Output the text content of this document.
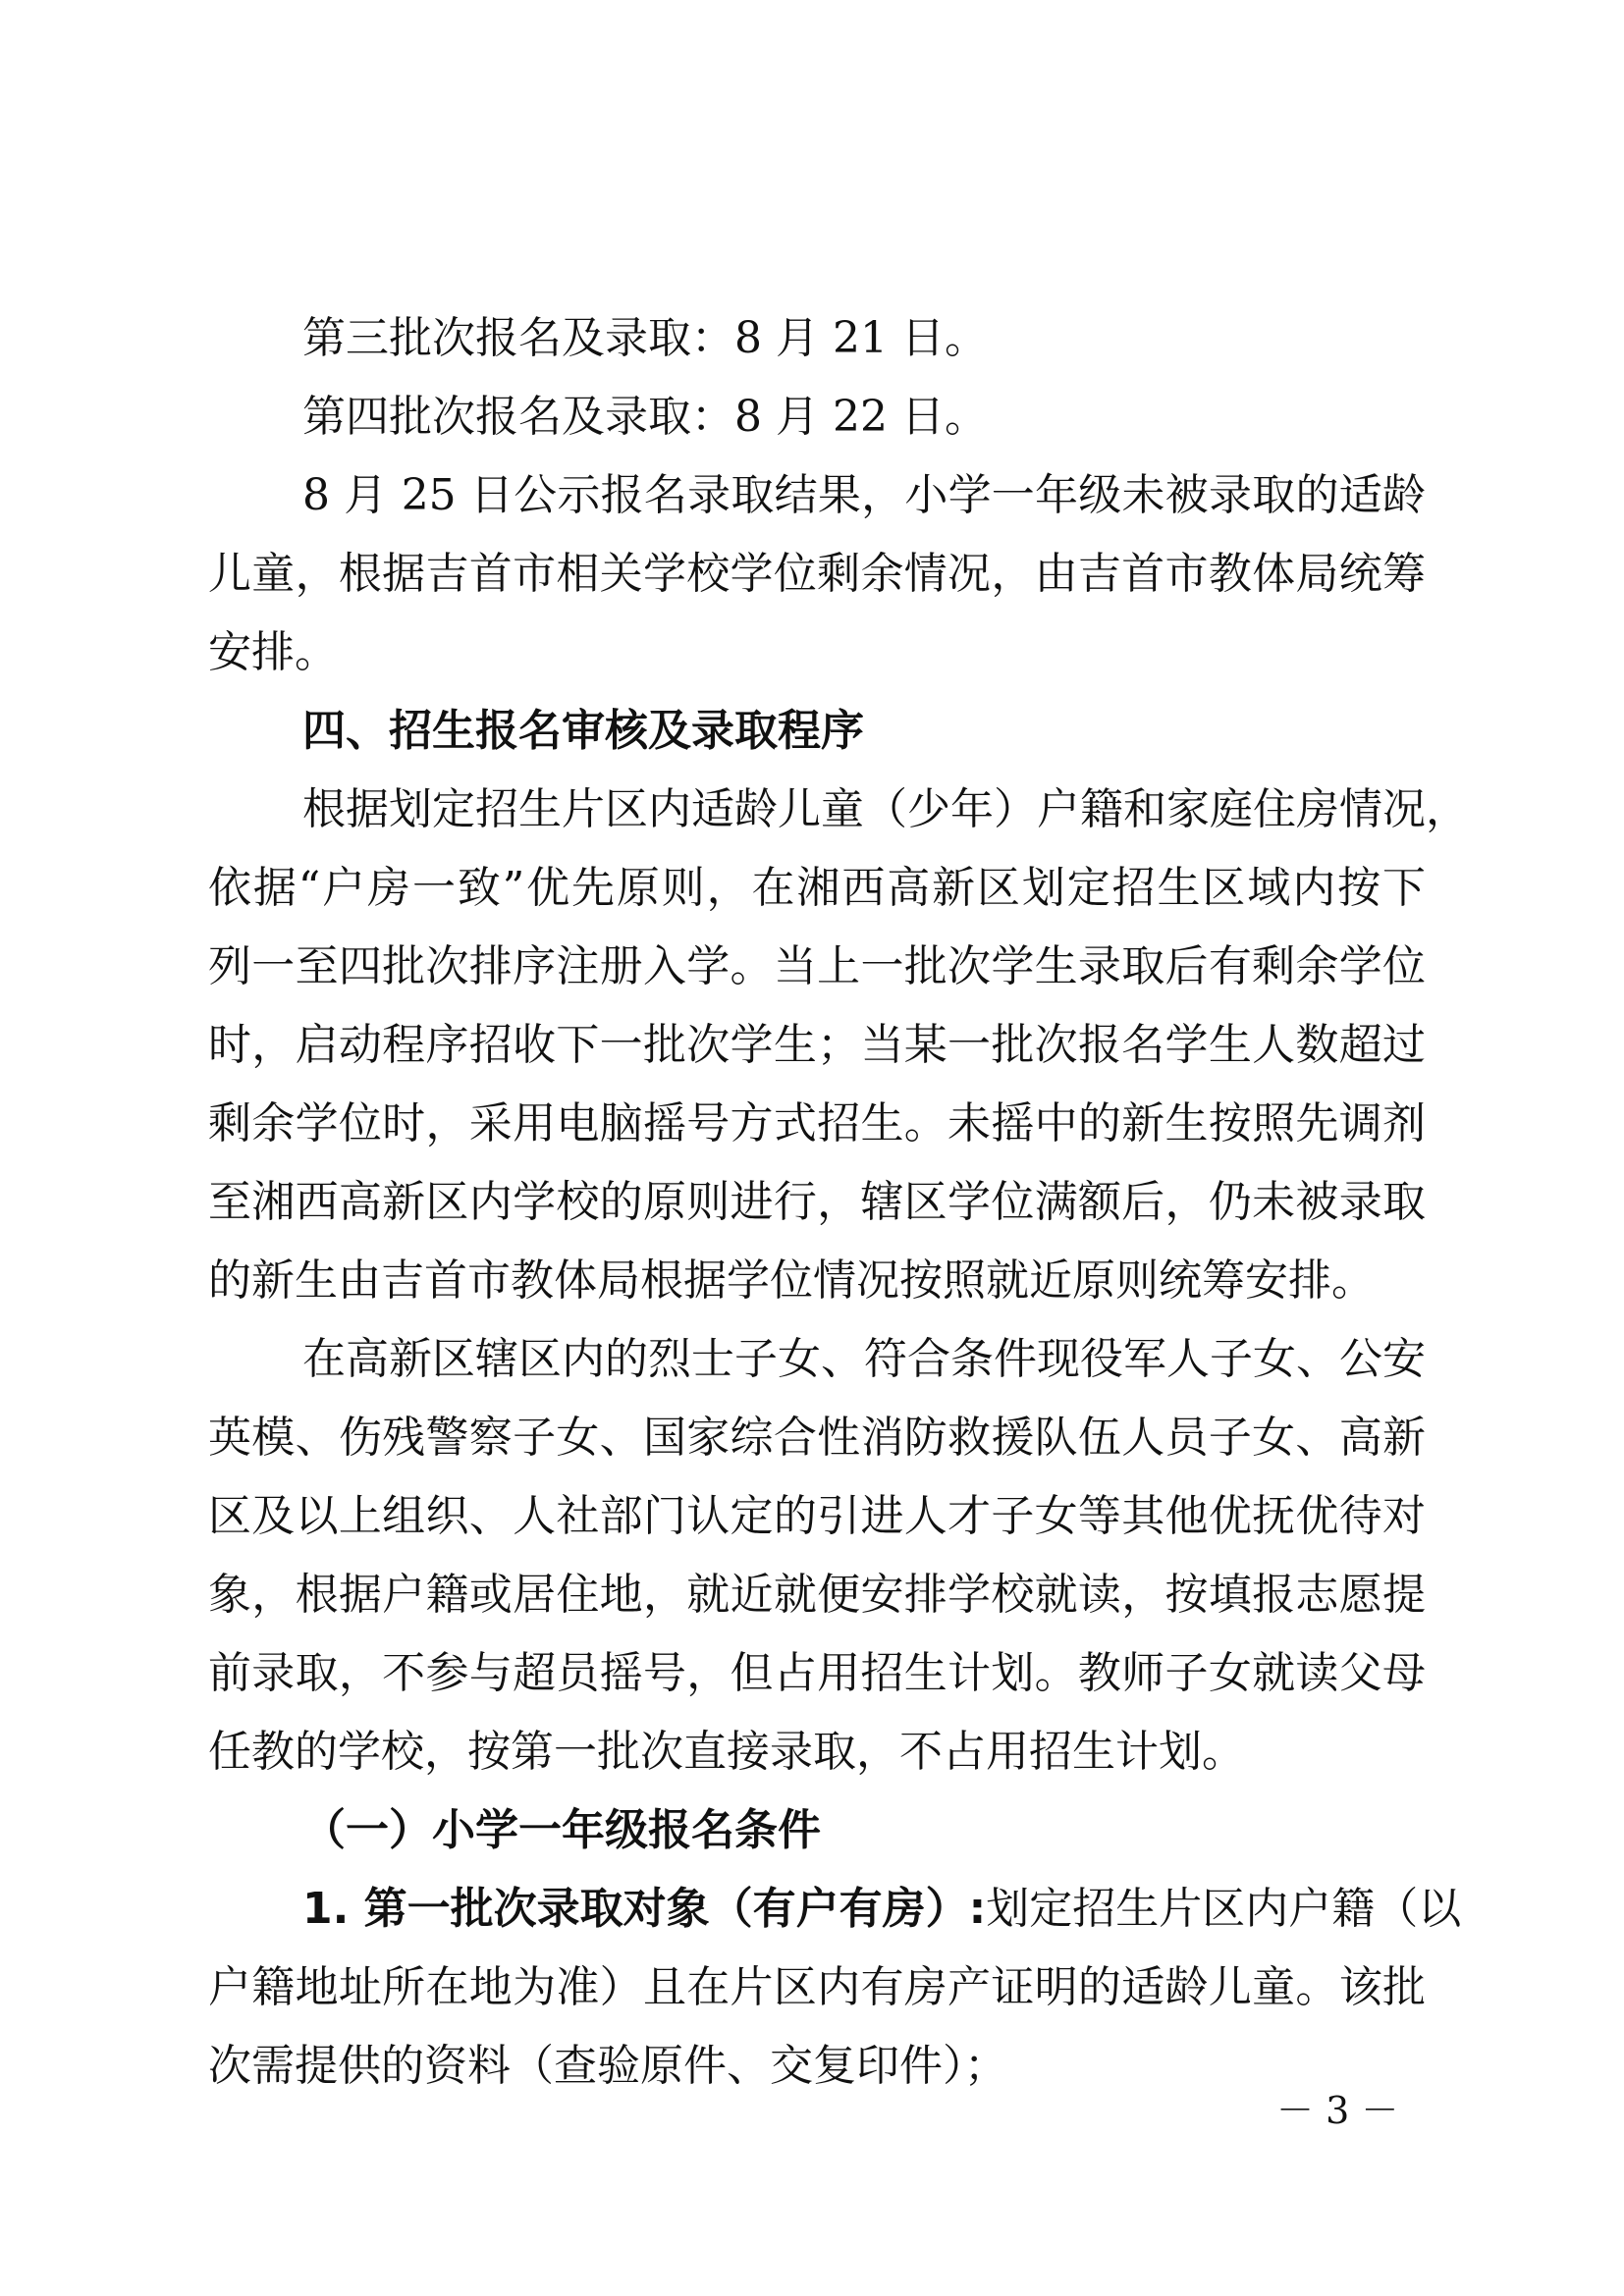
第三批次报名及录取：8 月 21 日。
第四批次报名及录取：8 月 22 日。
8 月 25 日公示报名录取结果，小学一年级未被录取的适龄
儿童，根据吉首市相关学校学位剩余情况，由吉首市教体局统筹
安排。
四、招生报名审核及录取程序
根据划定招生片区内适龄儿童（少年）户籍和家庭住房情况，
依据“户房一致”优先原则，在湘西高新区划定招生区域内按下
列一至四批次排序注册入学。当上一批次学生录取后有剩余学位
时，启动程序招收下一批次学生；当某一批次报名学生人数超过
剩余学位时，采用电脑摇号方式招生。未摇中的新生按照先调剂
至湘西高新区内学校的原则进行，辖区学位满额后，仍未被录取
的新生由吉首市教体局根据学位情况按照就近原则统筹安排。
在高新区辖区内的烈士子女、符合条件现役军人子女、公安
英模、伤残警察子女、国家综合性消防救援队伍人员子女、高新
区及以上组织、人社部门认定的引进人才子女等其他优抚优待对
象，根据户籍或居住地，就近就便安排学校就读，按填报志愿提
前录取，不参与超员摇号，但占用招生计划。教师子女就读父母
任教的学校，按第一批次直接录取，不占用招生计划。
（一）小学一年级报名条件
1. 第一批次录取对象（有户有房）:划定招生片区内户籍（以
户籍地址所在地为准）且在片区内有房产证明的适龄儿童。该批
次需提供的资料（查验原件、交复印件）；
－ 3 －
